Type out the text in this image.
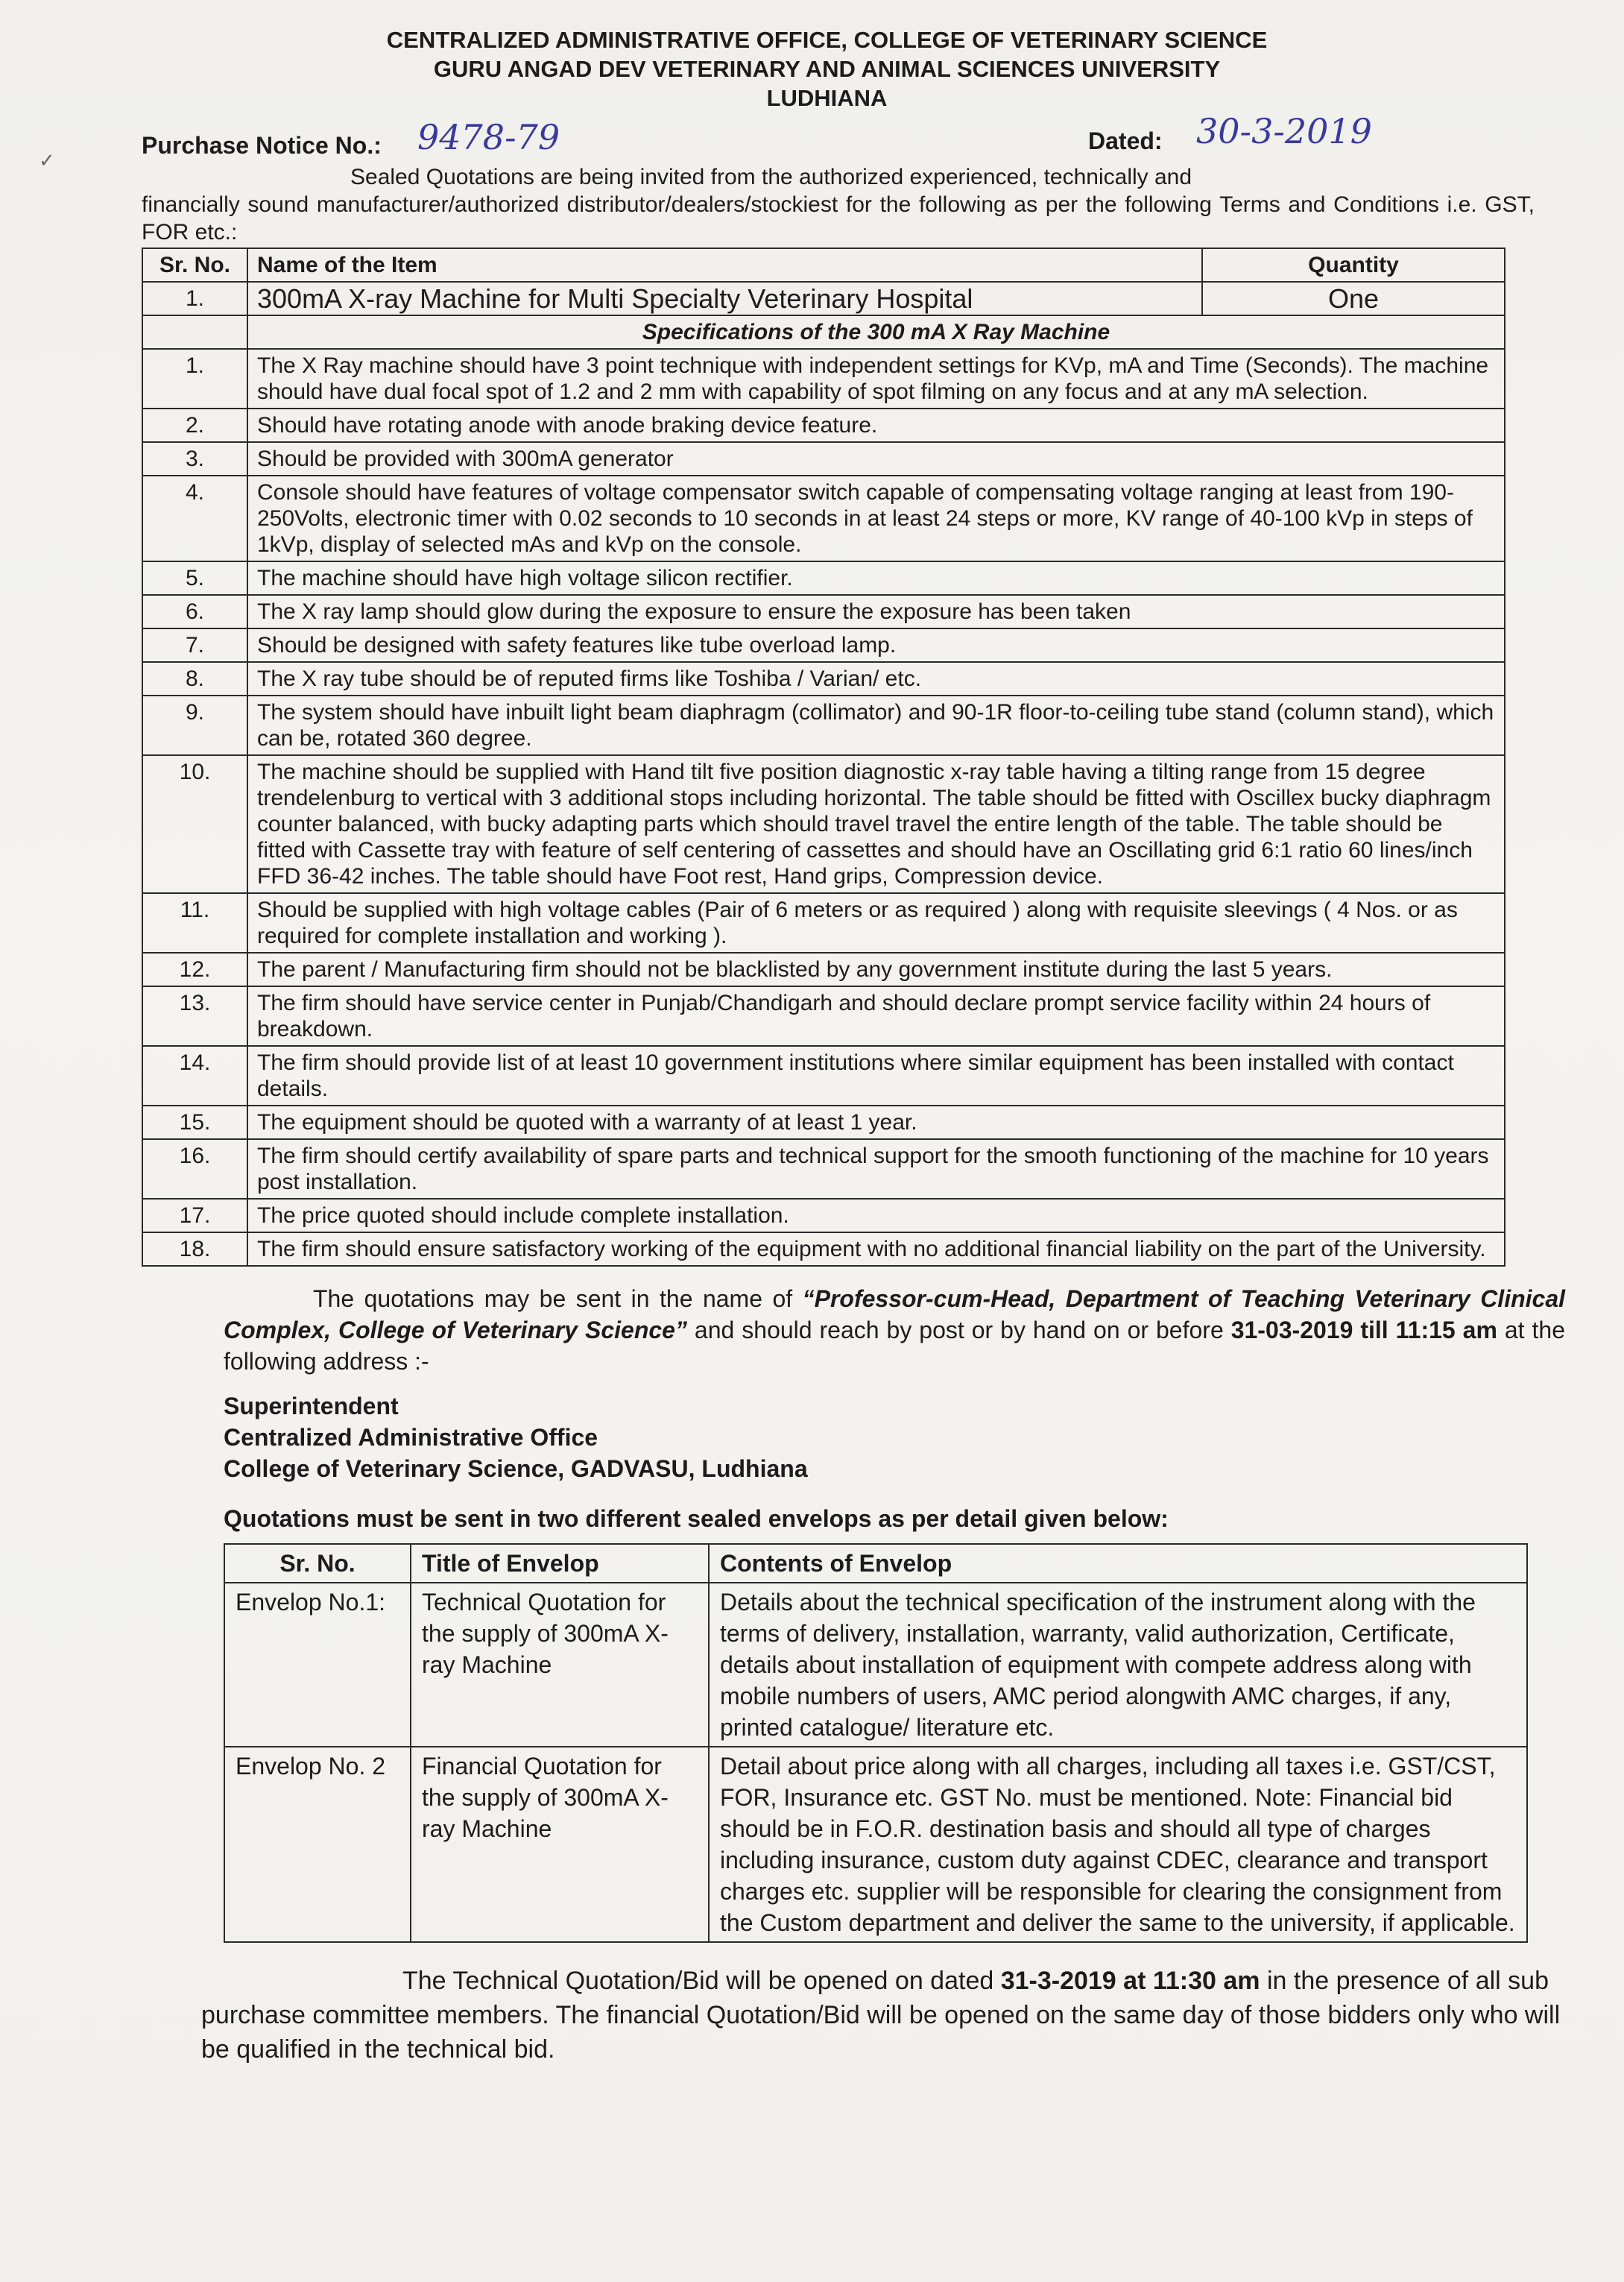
✓
CENTRALIZED ADMINISTRATIVE OFFICE, COLLEGE OF VETERINARY SCIENCE
GURU ANGAD DEV VETERINARY AND ANIMAL SCIENCES UNIVERSITY
LUDHIANA
Purchase Notice No.: 9478-79	Dated: 30-3-2019
Sealed Quotations are being invited from the authorized experienced, technically and
financially sound manufacturer/authorized distributor/dealers/stockiest for the following as per the following Terms and Conditions i.e. GST, FOR etc.:
Sr. No.	Name of the Item	Quantity
1.	300mA X-ray Machine for Multi Specialty Veterinary Hospital	One
	Specifications of the 300 mA X Ray Machine	
1.	The X Ray machine should have 3 point technique with independent settings for KVp, mA and Time (Seconds). The machine should have dual focal spot of 1.2 and 2 mm with capability of spot filming on any focus and at any mA selection.	
2.	Should have rotating anode with anode braking device feature.	
3.	Should be provided with 300mA generator	
4.	Console should have features of voltage compensator switch capable of compensating voltage ranging at least from 190-250Volts, electronic timer with 0.02 seconds to 10 seconds in at least 24 steps or more, KV range of 40-100 kVp in steps of 1kVp, display of selected mAs and kVp on the console.	
5.	The machine should have high voltage silicon rectifier.	
6.	The X ray lamp should glow during the exposure to ensure the exposure has been taken	
7.	Should be designed with safety features like tube overload lamp.	
8.	The X ray tube should be of reputed firms like Toshiba / Varian/ etc.	
9.	The system should have inbuilt light beam diaphragm (collimator) and 90-1R floor-to-ceiling tube stand (column stand), which can be, rotated 360 degree.	
10.	The machine should be supplied with Hand tilt five position diagnostic x-ray table having a tilting range from 15 degree trendelenburg to vertical with 3 additional stops including horizontal. The table should be fitted with Oscillex bucky diaphragm counter balanced, with bucky adapting parts which should travel travel the entire length of the table. The table should be fitted with Cassette tray with feature of self centering of cassettes and should have an Oscillating grid 6:1 ratio 60 lines/inch FFD 36-42 inches. The table should have Foot rest, Hand grips, Compression device.	
11.	Should be supplied with high voltage cables (Pair of 6 meters or as required ) along with requisite sleevings ( 4 Nos. or as required for complete installation and working ).	
12.	The parent / Manufacturing firm should not be blacklisted by any government institute during the last 5 years.	
13.	The firm should have service center in Punjab/Chandigarh and should declare prompt service facility within 24 hours of breakdown.	
14.	The firm should provide list of at least 10 government institutions where similar equipment has been installed with contact details.	
15.	The equipment should be quoted with a warranty of at least 1 year.	
16.	The firm should certify availability of spare parts and technical support for the smooth functioning of the machine for 10 years post installation.	
17.	The price quoted should include complete installation.	
18.	The firm should ensure satisfactory working of the equipment with no additional financial liability on the part of the University.	
The quotations may be sent in the name of “Professor-cum-Head, Department of Teaching Veterinary Clinical Complex, College of Veterinary Science” and should reach by post or by hand on or before 31-03-2019 till 11:15 am at the following address :-
Superintendent
Centralized Administrative Office
College of Veterinary Science, GADVASU, Ludhiana
Quotations must be sent in two different sealed envelops as per detail given below:
Sr. No.	Title of Envelop	Contents of Envelop
Envelop No.1:	Technical Quotation for the supply of 300mA X-ray Machine	Details about the technical specification of the instrument along with the terms of delivery, installation, warranty, valid authorization, Certificate, details about installation of equipment with compete address along with mobile numbers of users, AMC period alongwith AMC charges, if any, printed catalogue/ literature etc.
Envelop No. 2	Financial Quotation for the supply of 300mA X-ray Machine	Detail about price along with all charges, including all taxes i.e. GST/CST, FOR, Insurance etc. GST No. must be mentioned. Note: Financial bid should be in F.O.R. destination basis and should all type of charges including insurance, custom duty against CDEC, clearance and transport charges etc. supplier will be responsible for clearing the consignment from the Custom department and deliver the same to the university, if applicable.
The Technical Quotation/Bid will be opened on dated 31-3-2019 at 11:30 am in the presence of all sub purchase committee members. The financial Quotation/Bid will be opened on the same day of those bidders only who will be qualified in the technical bid.
